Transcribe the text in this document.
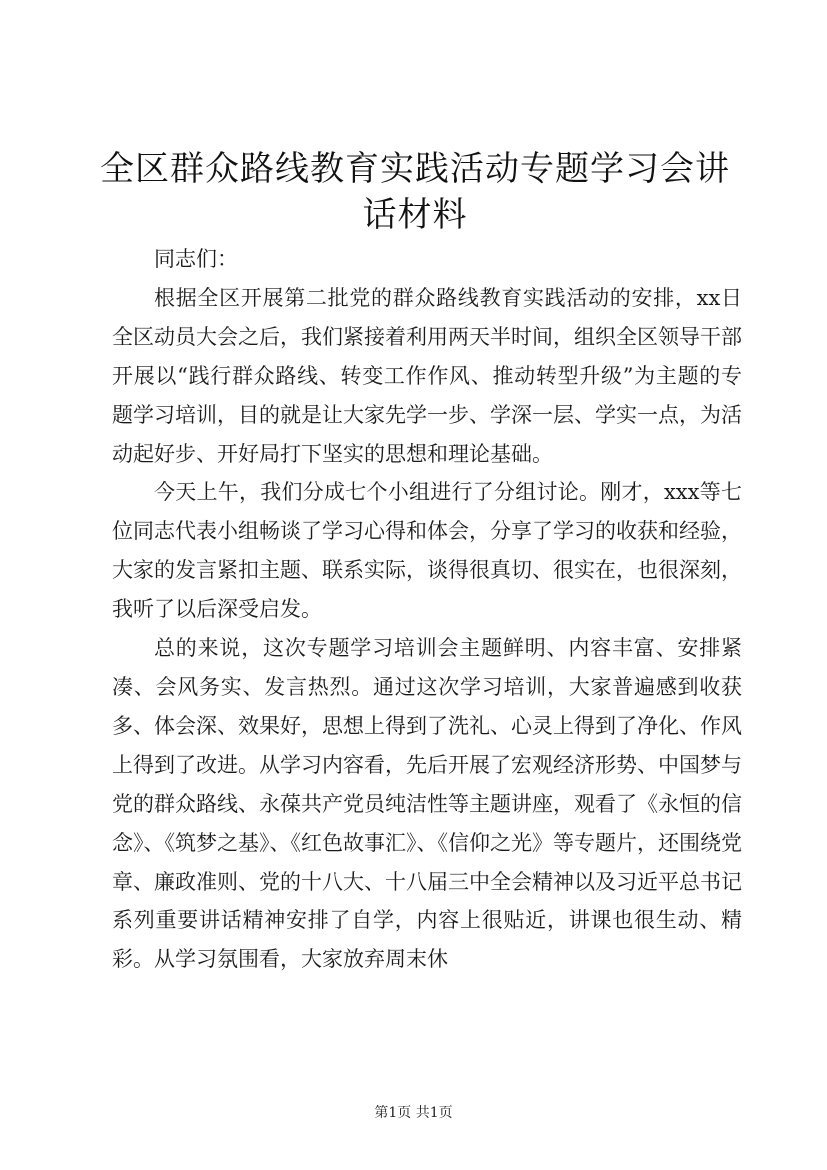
全区群众路线教育实践活动专题学习会讲话材料

同志们：

根据全区开展第二批党的群众路线教育实践活动的安排，xx日全区动员大会之后，我们紧接着利用两天半时间，组织全区领导干部开展以“践行群众路线、转变工作作风、推动转型升级”为主题的专题学习培训，目的就是让大家先学一步、学深一层、学实一点，为活动起好步、开好局打下坚实的思想和理论基础。

今天上午，我们分成七个小组进行了分组讨论。刚才，xxx等七位同志代表小组畅谈了学习心得和体会，分享了学习的收获和经验，大家的发言紧扣主题、联系实际，谈得很真切、很实在，也很深刻，我听了以后深受启发。

总的来说，这次专题学习培训会主题鲜明、内容丰富、安排紧凑、会风务实、发言热烈。通过这次学习培训，大家普遍感到收获多、体会深、效果好，思想上得到了洗礼、心灵上得到了净化、作风上得到了改进。从学习内容看，先后开展了宏观经济形势、中国梦与党的群众路线、永葆共产党员纯洁性等主题讲座，观看了《永恒的信念》、《筑梦之基》、《红色故事汇》、《信仰之光》等专题片，还围绕党章、廉政准则、党的十八大、十八届三中全会精神以及习近平总书记系列重要讲话精神安排了自学，内容上很贴近，讲课也很生动、精彩。从学习氛围看，大家放弃周末休

第1页 共1页
